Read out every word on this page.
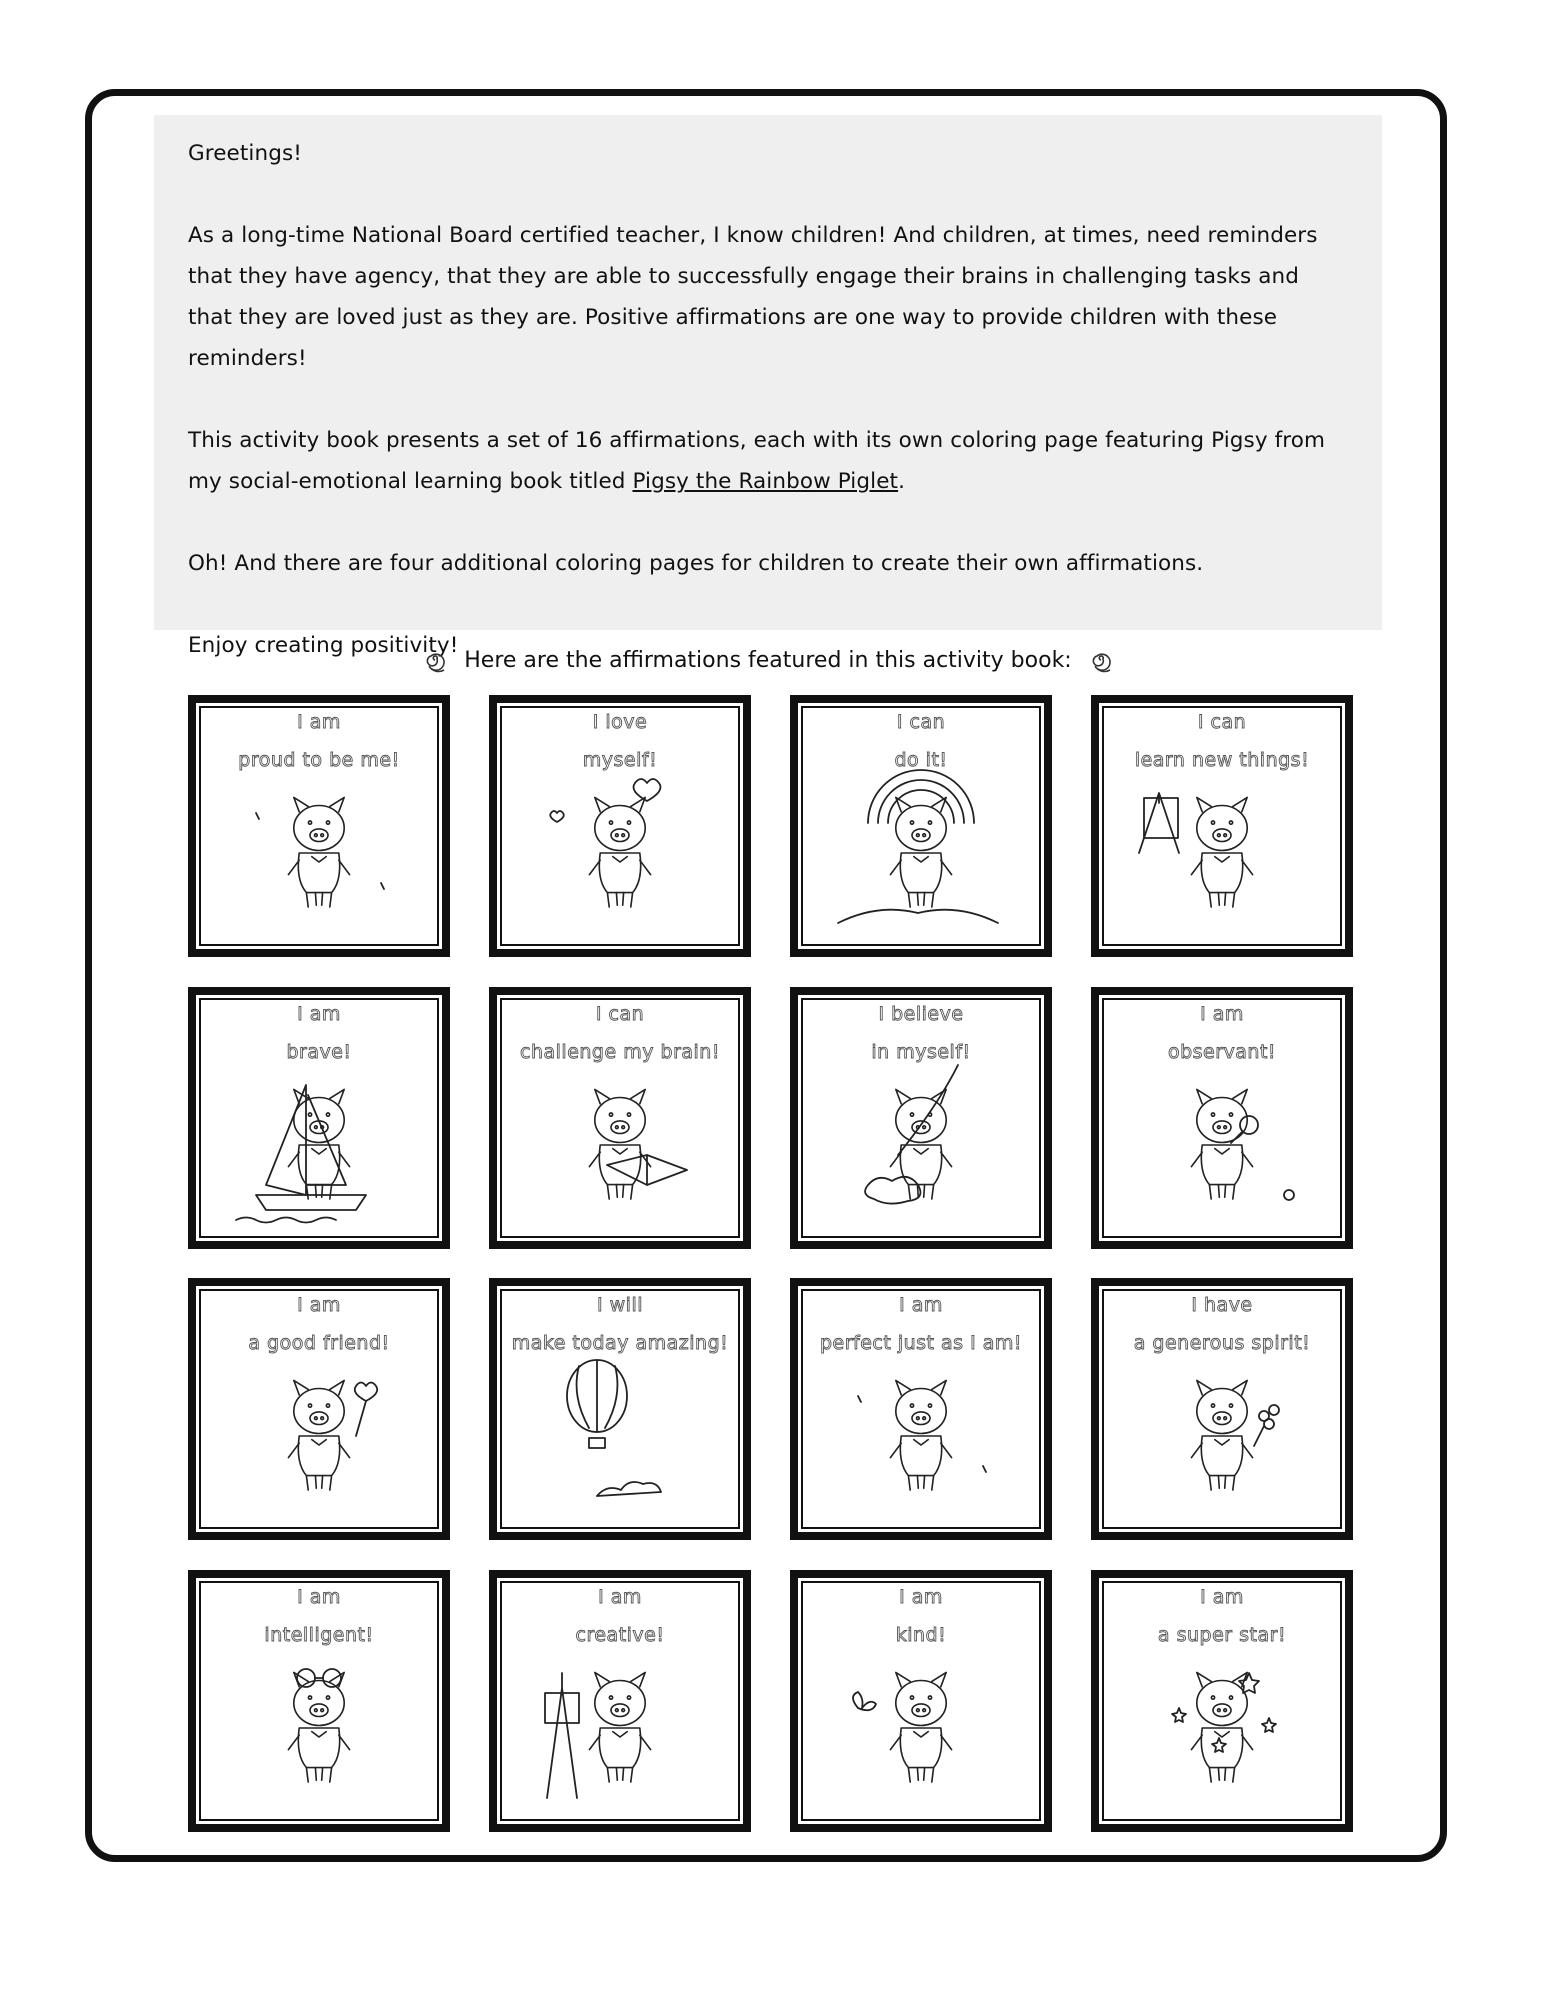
Greetings!

As a long-time National Board certified teacher, I know children! And children, at times, need reminders that they have agency, that they are able to successfully engage their brains in challenging tasks and that they are loved just as they are. Positive affirmations are one way to provide children with these reminders!

This activity book presents a set of 16 affirmations, each with its own coloring page featuring Pigsy from my social-emotional learning book titled Pigsy the Rainbow Piglet.

Oh! And there are four additional coloring pages for children to create their own affirmations.

Enjoy creating positivity!

Here are the affirmations featured in this activity book:
I am
proud to be me!
I love
myself!
I can
do it!
I can
learn new things!
I am
brave!
I can
challenge my brain!
I believe
in myself!
I am
observant!
I am
a good friend!
I will
make today amazing!
I am
perfect just as I am!
I have
a generous spirit!
I am
intelligent!
I am
creative!
I am
kind!
I am
a super star!
